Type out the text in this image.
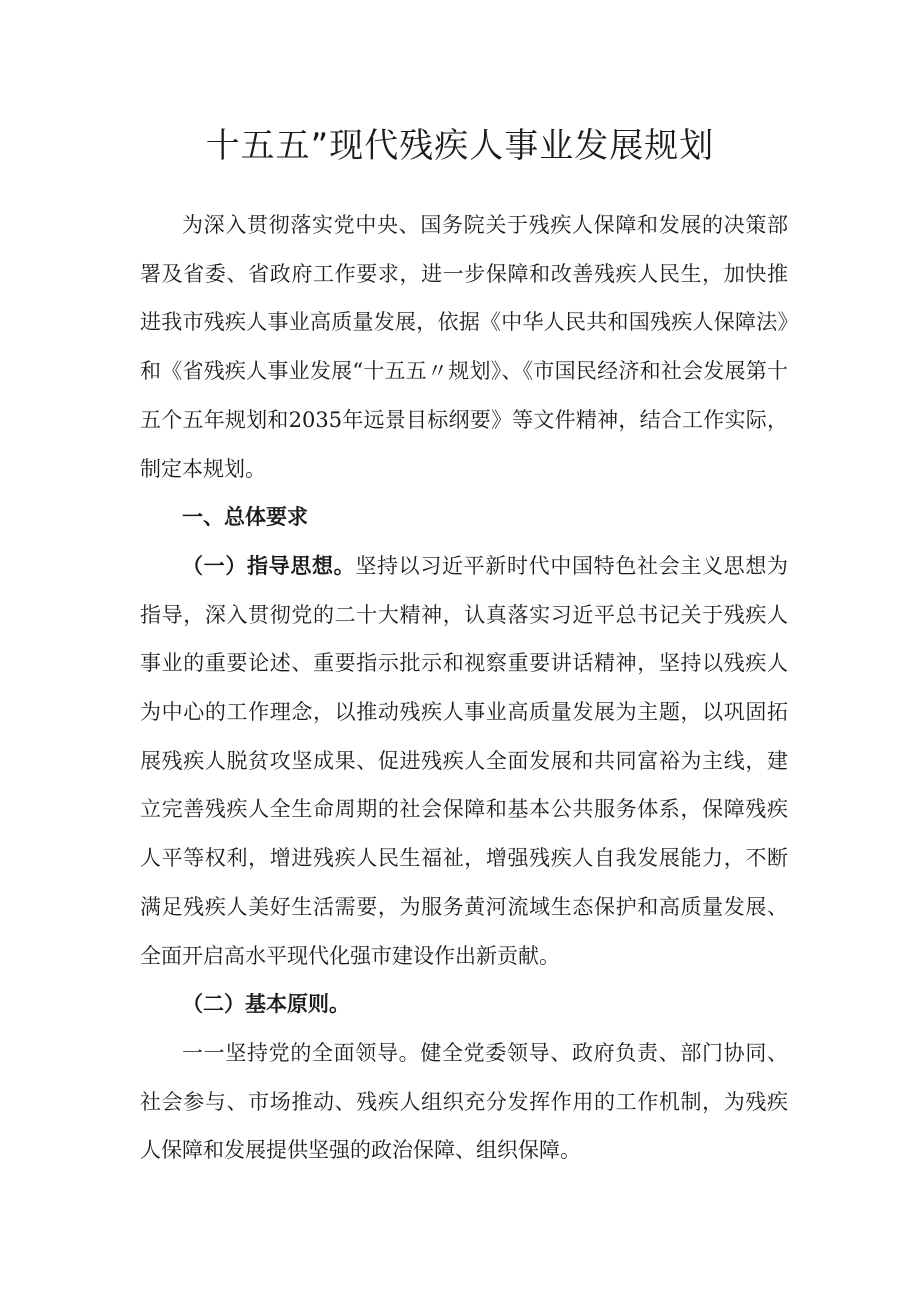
十五五”现代残疾人事业发展规划

为深入贯彻落实党中央、国务院关于残疾人保障和发展的决策部署及省委、省政府工作要求，进一步保障和改善残疾人民生，加快推进我市残疾人事业高质量发展，依据《中华人民共和国残疾人保障法》和《省残疾人事业发展“十五五〃规划》、《市国民经济和社会发展第十五个五年规划和2035年远景目标纲要》等文件精神，结合工作实际，制定本规划。

一、总体要求

（一）指导思想。坚持以习近平新时代中国特色社会主义思想为指导，深入贯彻党的二十大精神，认真落实习近平总书记关于残疾人事业的重要论述、重要指示批示和视察重要讲话精神，坚持以残疾人为中心的工作理念，以推动残疾人事业高质量发展为主题，以巩固拓展残疾人脱贫攻坚成果、促进残疾人全面发展和共同富裕为主线，建立完善残疾人全生命周期的社会保障和基本公共服务体系，保障残疾人平等权利，增进残疾人民生福祉，增强残疾人自我发展能力，不断满足残疾人美好生活需要，为服务黄河流域生态保护和高质量发展、全面开启高水平现代化强市建设作出新贡献。

（二）基本原则。

一一坚持党的全面领导。健全党委领导、政府负责、部门协同、社会参与、市场推动、残疾人组织充分发挥作用的工作机制，为残疾人保障和发展提供坚强的政治保障、组织保障。
